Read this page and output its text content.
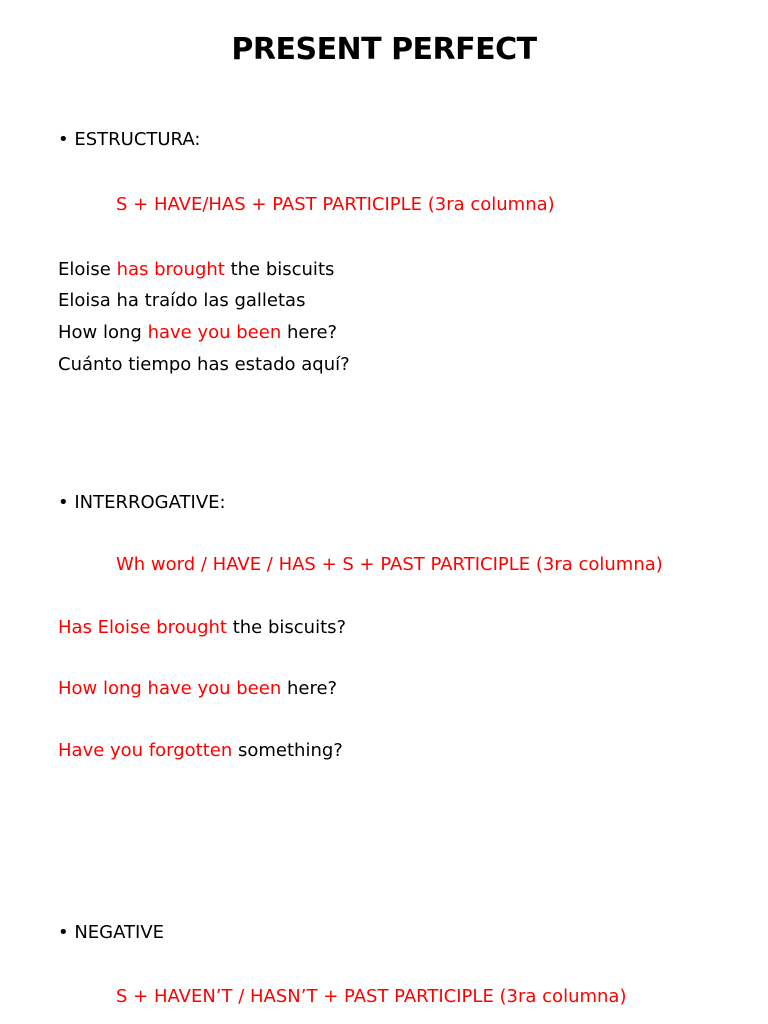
PRESENT PERFECT
• ESTRUCTURA:
S + HAVE/HAS + PAST PARTICIPLE (3ra columna)
Eloise has brought the biscuits
Eloisa ha traído las galletas
How long have you been here?
Cuánto tiempo has estado aquí?
• INTERROGATIVE:
Wh word / HAVE / HAS + S + PAST PARTICIPLE (3ra columna)
Has Eloise brought the biscuits?
How long have you been here?
Have you forgotten something?
• NEGATIVE
S + HAVEN’T / HASN’T + PAST PARTICIPLE (3ra columna)
